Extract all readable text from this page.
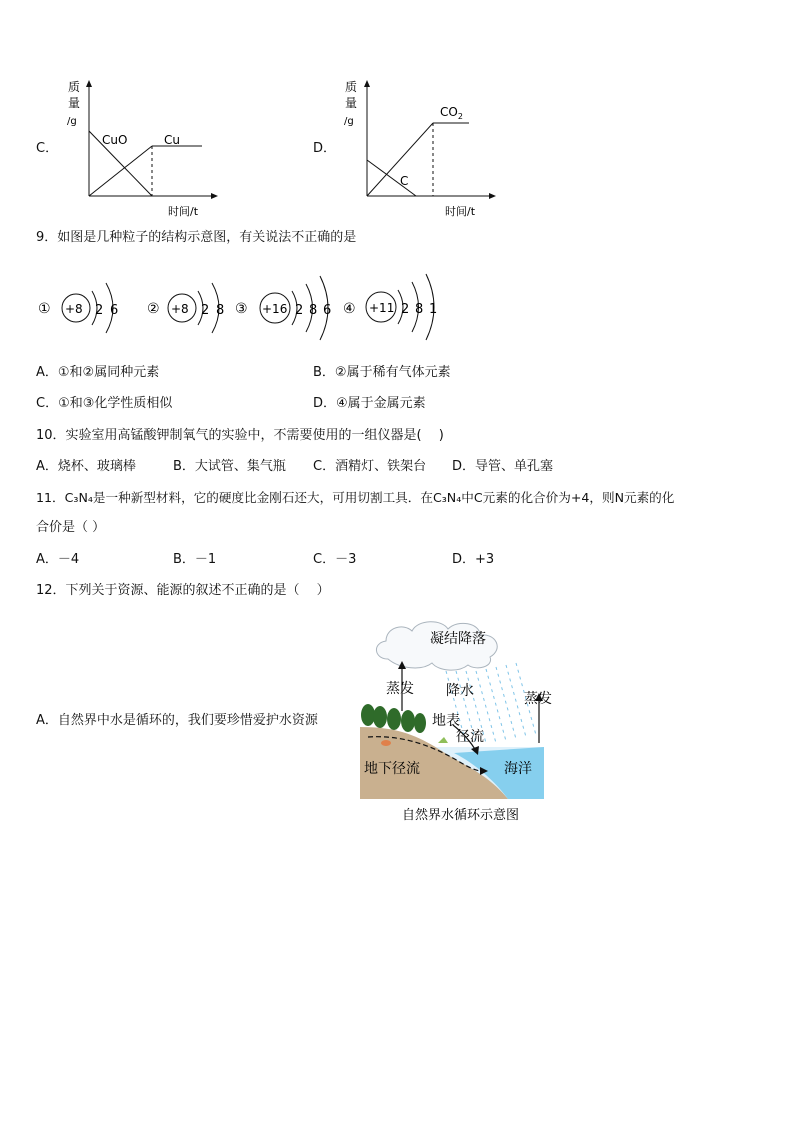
C．
质
量
/g
CuO	Cu
时间/t
D．
质
量
/g
$CO_2$
C
时间/t
9．如图是几种粒子的结构示意图，有关说法不正确的是
① +8 2 6 ② +8 2 8 ③ +16 2 8 6 ④ +11 2 8 1
A．①和②属同种元素	B．②属于稀有气体元素
C．①和③化学性质相似	D．④属于金属元素
10．实验室用高锰酸钾制氧气的实验中，不需要使用的一组仪器是(　 )
A．烧杯、玻璃棒	B．大试管、集气瓶 C．酒精灯、铁架台 D．导管、单孔塞
11．C₃N₄是一种新型材料，它的硬度比金刚石还大，可用切割工具．在C₃N₄中C元素的化合价为+4，则N元素的化
合价是（ ）
A．－4	B．－1	C．－3	D．+3
12．下列关于资源、能源的叙述不正确的是（　 ）
A．自然界中水是循环的，我们要珍惜爱护水资源
凝结降落
蒸发 降水	蒸发
地表
径流
地下径流	海洋
自然界水循环示意图
